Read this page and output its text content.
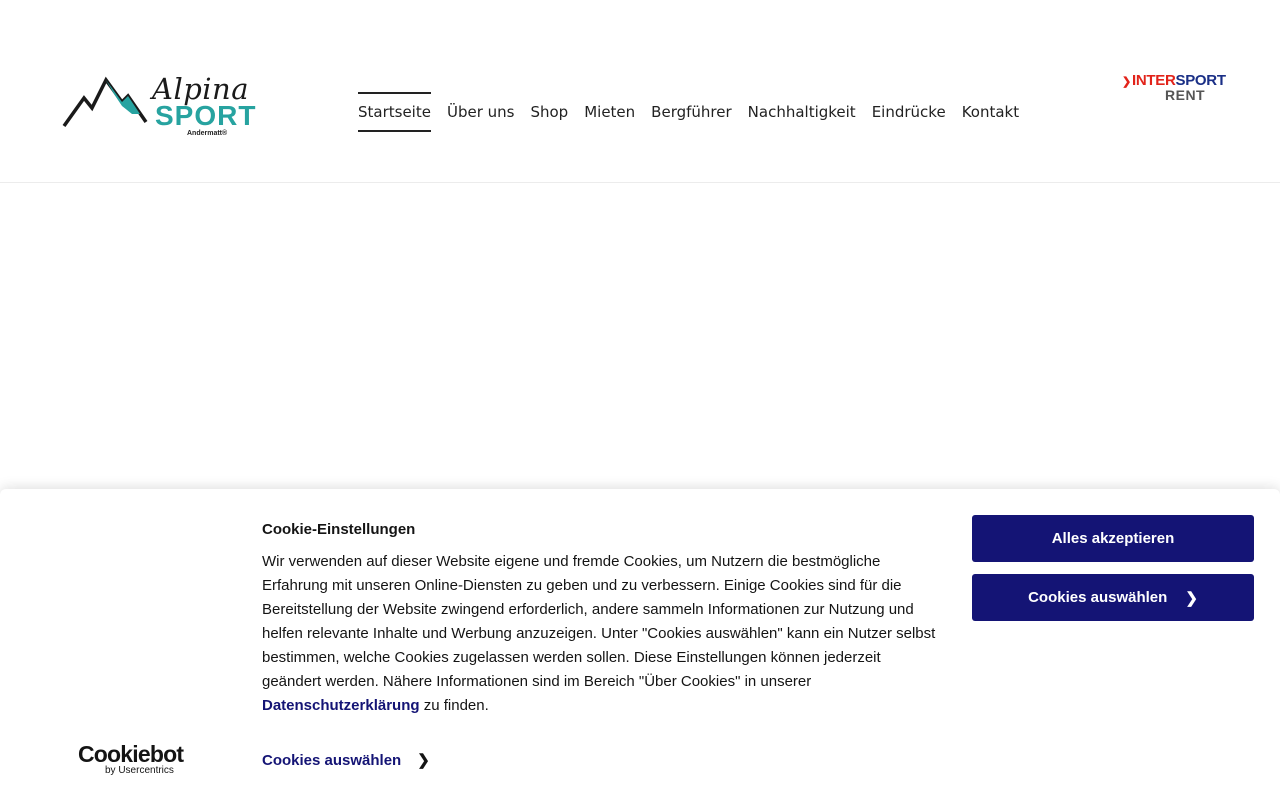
Alpina
SPORT
Andermatt®
Startseite Über uns Shop Mieten Bergführer Nachhaltigkeit Eindrücke Kontakt
❯ INTERSPORT
RENT
Cookie-Einstellungen

Wir verwenden auf dieser Website eigene und fremde Cookies, um Nutzern die bestmögliche Erfahrung mit unseren Online-Diensten zu geben und zu verbessern. Einige Cookies sind für die Bereitstellung der Website zwingend erforderlich, andere sammeln Informationen zur Nutzung und helfen relevante Inhalte und Werbung anzuzeigen. Unter "Cookies auswählen" kann ein Nutzer selbst bestimmen, welche Cookies zugelassen werden sollen. Diese Einstellungen können jederzeit geändert werden. Nähere Informationen sind im Bereich "Über Cookies" in unserer Datenschutzerklärung zu finden.

Alles akzeptieren
Cookies auswählen ❯
Cookiebot
by Usercentrics
Cookies auswählen ❯
